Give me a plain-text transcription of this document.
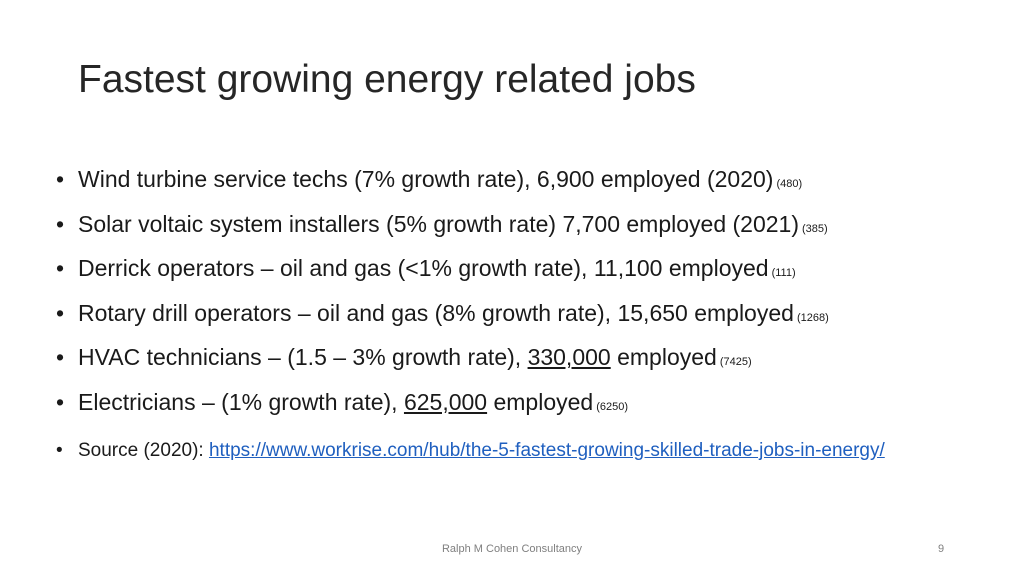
Fastest growing energy related jobs
• Wind turbine service techs (7% growth rate), 6,900 employed (2020) (480)
• Solar voltaic system installers (5% growth rate) 7,700 employed (2021) (385)
• Derrick operators – oil and gas (<1% growth rate), 11,100 employed (111)
• Rotary drill operators – oil and gas (8% growth rate), 15,650 employed (1268)
• HVAC technicians – (1.5 – 3% growth rate), 330,000 employed (7425)
• Electricians – (1% growth rate), 625,000 employed (6250)
• Source (2020): https://www.workrise.com/hub/the-5-fastest-growing-skilled-trade-jobs-in-energy/
Ralph M Cohen Consultancy	9
